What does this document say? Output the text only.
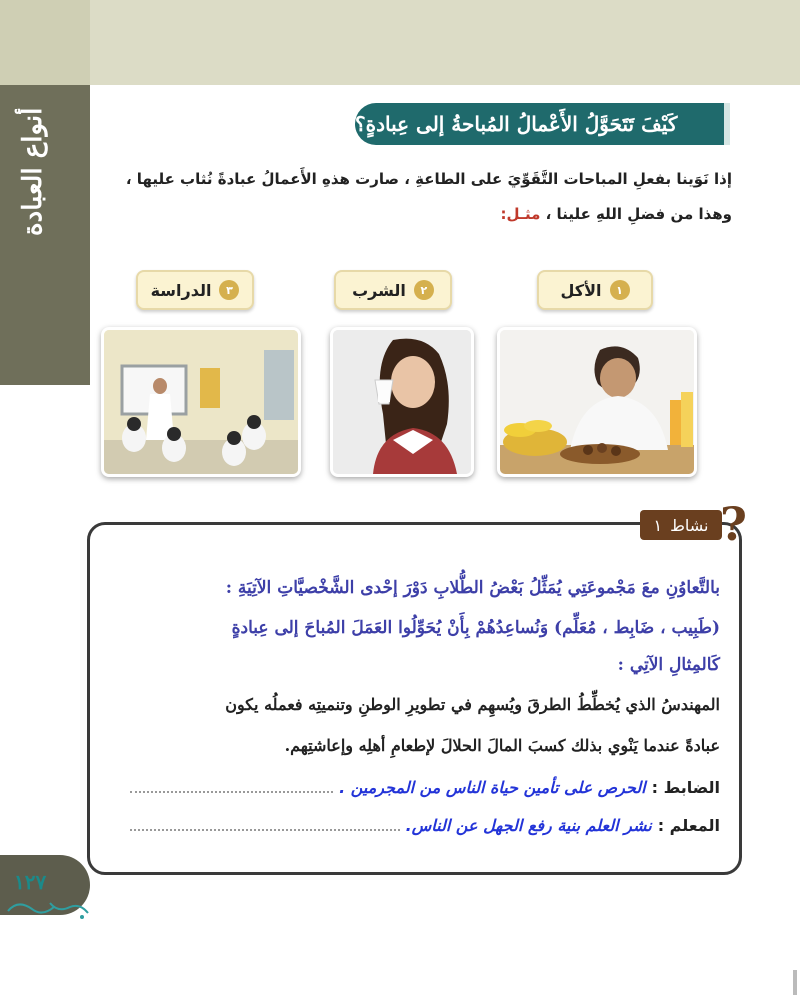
أنواع العبادة	كَيْفَ تَتَحَوَّلُ الأَعْمالُ المُباحةُ إلى عِبادةٍ؟
إذا نَوَينا بفعلِ المباحات التَّقَوِّيَ على الطاعةِ ، صارت هذهِ الأَعمالُ عبادةً نُثاب عليها ،
وهذا من فضلِ اللهِ علينا ، مثـل:
١
الأكل
٢
الشرب
٣
الدراسة
نشاط
١ ?
بالتَّعاوُنِ معَ مَجْموعَتِي يُمَثِّلُ بَعْضُ الطُّلابِ دَوْرَ إحْدى الشَّخْصيَّاتِ الآتِيَةِ :
(طَبِيب ، ضَابِط ، مُعَلِّم) وَنُساعِدُهُمْ بِأَنْ يُحَوِّلُوا العَمَلَ المُباحَ إلى عِبادةٍ
كَالمِثالِ الآتِي :
المهندسُ الذي يُخطِّطُ الطرقَ ويُسهِم في تطويرِ الوطنِ وتنميتِه فعملُه يكون
عبادةً عندما يَنْوي بذلك كسبَ المالَ الحلالَ لإطعامِ أهلِه وإعاشتِهم.
الضابط :
الحرص على تأمين حياة الناس من المجرمين .
المعلم :
نشر العلم بنية رفع الجهل عن الناس.
١٢٧
